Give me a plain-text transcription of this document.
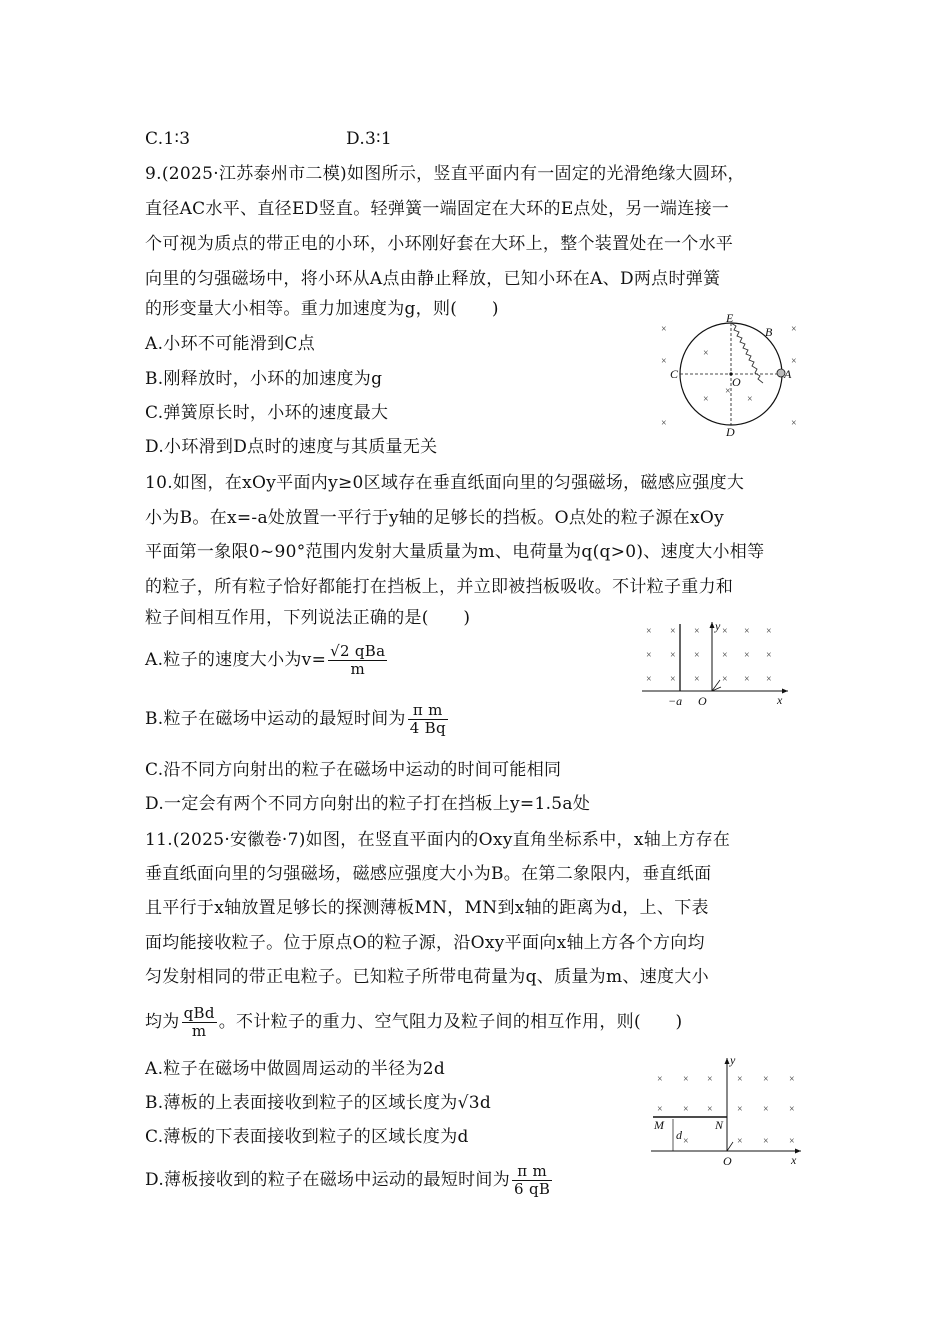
C.1∶3	D.3∶1
9.(2025·江苏泰州市二模)如图所示，竖直平面内有一固定的光滑绝缘大圆环，
直径AC水平、直径ED竖直。轻弹簧一端固定在大环的E点处，另一端连接一
个可视为质点的带正电的小环，小环刚好套在大环上，整个装置处在一个水平
向里的匀强磁场中，将小环从A点由静止释放，已知小环在A、D两点时弹簧
的形变量大小相等。重力加速度为g，则(　　)
A.小环不可能滑到C点
B.刚释放时，小环的加速度为g
C.弹簧原长时，小环的速度最大
D.小环滑到D点时的速度与其质量无关
×	×
×	×
×	×
×
×	×
×
E
B
C
O
A
D
10.如图，在xOy平面内y≥0区域存在垂直纸面向里的匀强磁场，磁感应强度大
小为B。在x=-a处放置一平行于y轴的足够长的挡板。O点处的粒子源在xOy
平面第一象限0~90°范围内发射大量质量为m、电荷量为q(q>0)、速度大小相等
的粒子，所有粒子恰好都能打在挡板上，并立即被挡板吸收。不计粒子重力和
粒子间相互作用，下列说法正确的是(　　)
A.粒子的速度大小为$v= \frac{\text{√2 qBa}}{m}$
B.粒子在磁场中运动的最短时间为 $\frac{\text{π m}}{4 Bq}$
C.沿不同方向射出的粒子在磁场中运动的时间可能相同
D.一定会有两个不同方向射出的粒子打在挡板上y=1.5a处
× × × × × ×
× × × × × ×
× × × × × ×
y
x
O
−a
11.(2025·安徽卷·7)如图，在竖直平面内的Oxy直角坐标系中，x轴上方存在
垂直纸面向里的匀强磁场，磁感应强度大小为B。在第二象限内，垂直纸面
且平行于x轴放置足够长的探测薄板MN，MN到x轴的距离为d，上、下表
面均能接收粒子。位于原点O的粒子源，沿Oxy平面向x轴上方各个方向均
匀发射相同的带正电粒子。已知粒子所带电荷量为q、质量为m、速度大小
均为 $\frac{\text{qBd}}{m}$ 。不计粒子的重力、空气阻力及粒子间的相互作用，则(　　)
A.粒子在磁场中做圆周运动的半径为2d
B.薄板的上表面接收到粒子的区域长度为√3d
C.薄板的下表面接收到粒子的区域长度为d
D.薄板接收到的粒子在磁场中运动的最短时间为 $\frac{\text{π m}}{6 qB}$
× × × × × ×
× × × × × ×
×	× × ×
y
x
O
M	N
d
